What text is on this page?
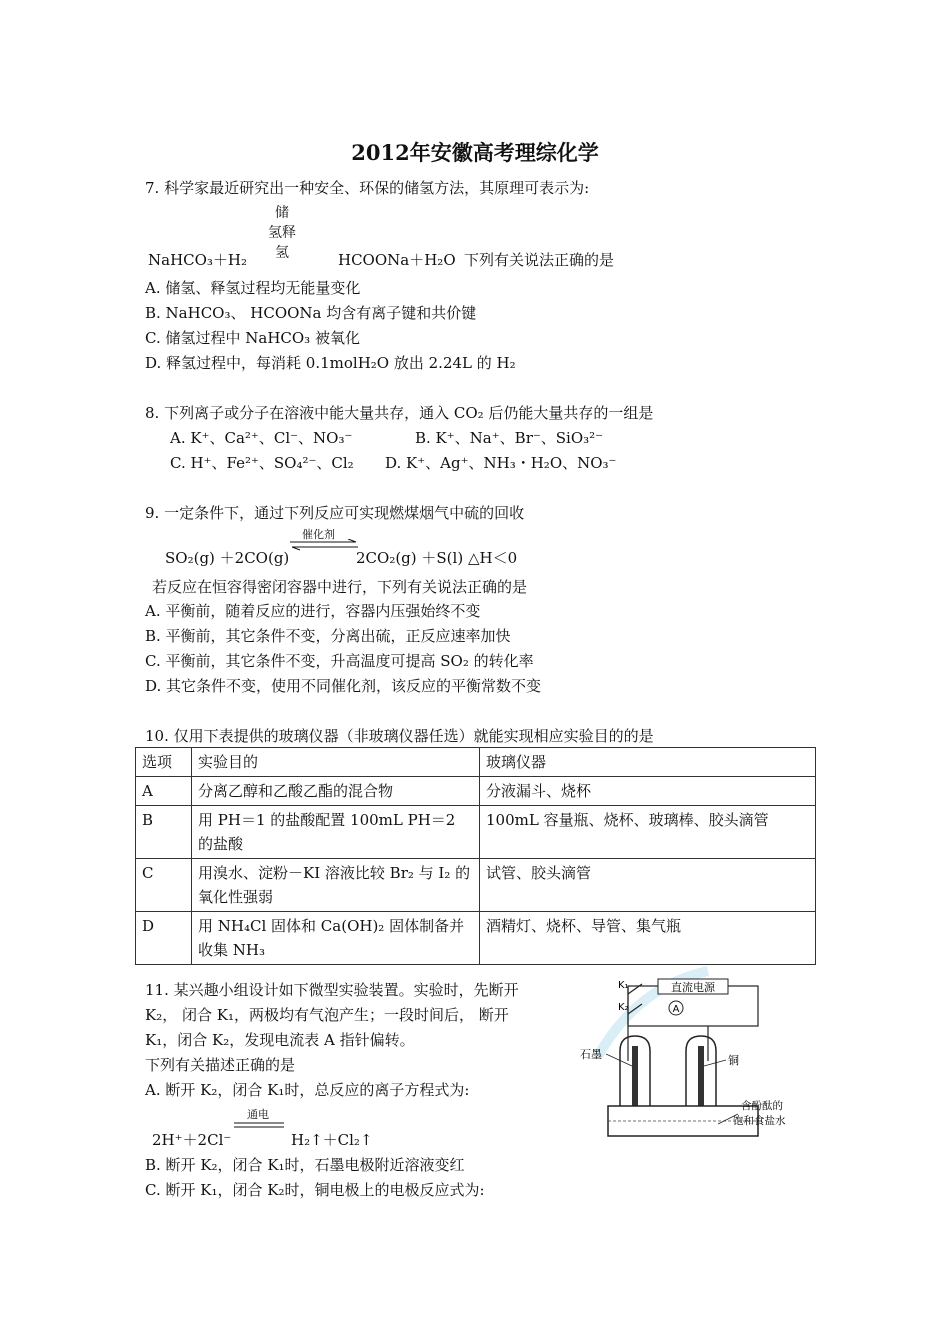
2012年安徽高考理综化学
7. 科学家最近研究出一种安全、环保的储氢方法，其原理可表示为:
储
氢释
氢
NaHCO₃＋H₂	HCOONa＋H₂O 下列有关说法正确的是
A. 储氢、释氢过程均无能量变化
B. NaHCO₃、 HCOONa 均含有离子键和共价键
C. 储氢过程中 NaHCO₃ 被氧化
D. 释氢过程中，每消耗 0.1molH₂O 放出 2.24L 的 H₂
8. 下列离子或分子在溶液中能大量共存，通入 CO₂ 后仍能大量共存的一组是
A. K⁺、Ca²⁺、Cl⁻、NO₃⁻	B. K⁺、Na⁺、Br⁻、SiO₃²⁻
C. H⁺、Fe²⁺、SO₄²⁻、Cl₂ D. K⁺、Ag⁺、NH₃・H₂O、NO₃⁻
9. 一定条件下，通过下列反应可实现燃煤烟气中硫的回收
催化剂
SO₂(g) ＋2CO(g)	2CO₂(g) ＋S(l) △H＜0
若反应在恒容得密闭容器中进行，下列有关说法正确的是
A. 平衡前，随着反应的进行，容器内压强始终不变
B. 平衡前，其它条件不变，分离出硫，正反应速率加快
C. 平衡前，其它条件不变，升高温度可提高 SO₂ 的转化率
D. 其它条件不变，使用不同催化剂，该反应的平衡常数不变
10. 仅用下表提供的玻璃仪器（非玻璃仪器任选）就能实现相应实验目的的是
选项	实验目的	玻璃仪器
A	分离乙醇和乙酸乙酯的混合物	分液漏斗、烧杯
B	用 PH＝1 的盐酸配置 100mL PH＝2 的盐酸	100mL 容量瓶、烧杯、玻璃棒、胶头滴管
C	用溴水、淀粉－KI 溶液比较 Br₂ 与 I₂ 的氧化性强弱	试管、胶头滴管
D	用 NH₄Cl 固体和 Ca(OH)₂ 固体制备并收集 NH₃	酒精灯、烧杯、导管、集气瓶
11. 某兴趣小组设计如下微型实验装置。实验时，先断开
K₂， 闭合 K₁，两极均有气泡产生；一段时间后， 断开
K₁，闭合 K₂，发现电流表 A 指针偏转。
下列有关描述正确的是
A. 断开 K₂，闭合 K₁时，总反应的离子方程式为:
通电
2H⁺＋2Cl⁻	H₂↑＋Cl₂↑
B. 断开 K₂，闭合 K₁时，石墨电极附近溶液变红
C. 断开 K₁，闭合 K₂时，铜电极上的电极反应式为:
直流电源
A
K₁
K₂
石墨	铜
含酚酞的
饱和食盐水
